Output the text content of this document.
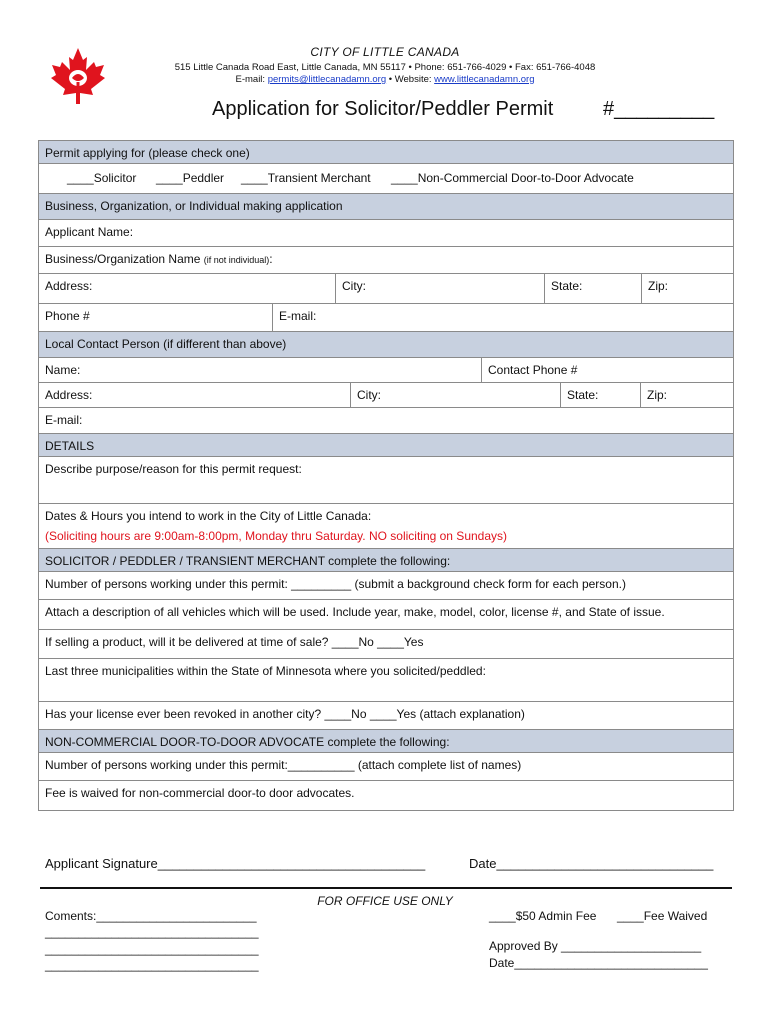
CITY OF LITTLE CANADA
515 Little Canada Road East, Little Canada, MN 55117 • Phone: 651-766-4029 • Fax: 651-766-4048
E-mail: permits@littlecanadamn.org • Website: www.littlecanadamn.org
Application for Solicitor/Peddler Permit #_________
Permit applying for (please check one)
____Solicitor ____Peddler ____Transient Merchant ____Non-Commercial Door-to-Door Advocate
Business, Organization, or Individual making application
Applicant Name:
Business/Organization Name (if not individual):
Address:	City:	State:	Zip:
Phone #	E-mail:
Local Contact Person (if different than above)
Name:	Contact Phone #
Address:	City:	State:	Zip:
E-mail:
DETAILS
Describe purpose/reason for this permit request:
Dates & Hours you intend to work in the City of Little Canada:
(Soliciting hours are 9:00am-8:00pm, Monday thru Saturday. NO soliciting on Sundays)
SOLICITOR / PEDDLER / TRANSIENT MERCHANT complete the following:
Number of persons working under this permit: _________ (submit a background check form for each person.)
Attach a description of all vehicles which will be used. Include year, make, model, color, license #, and State of issue.
If selling a product, will it be delivered at time of sale? ____No ____Yes
Last three municipalities within the State of Minnesota where you solicited/peddled:
Has your license ever been revoked in another city? ____No ____Yes (attach explanation)
NON-COMMERCIAL DOOR-TO-DOOR ADVOCATE complete the following:
Number of persons working under this permit:__________ (attach complete list of names)
Fee is waived for non-commercial door-to door advocates.
Applicant Signature_____________________________________	Date______________________________
FOR OFFICE USE ONLY
Coments:________________________
________________________________
________________________________
________________________________
____$50 Admin Fee ____Fee Waived
Approved By _____________________
Date_____________________________
